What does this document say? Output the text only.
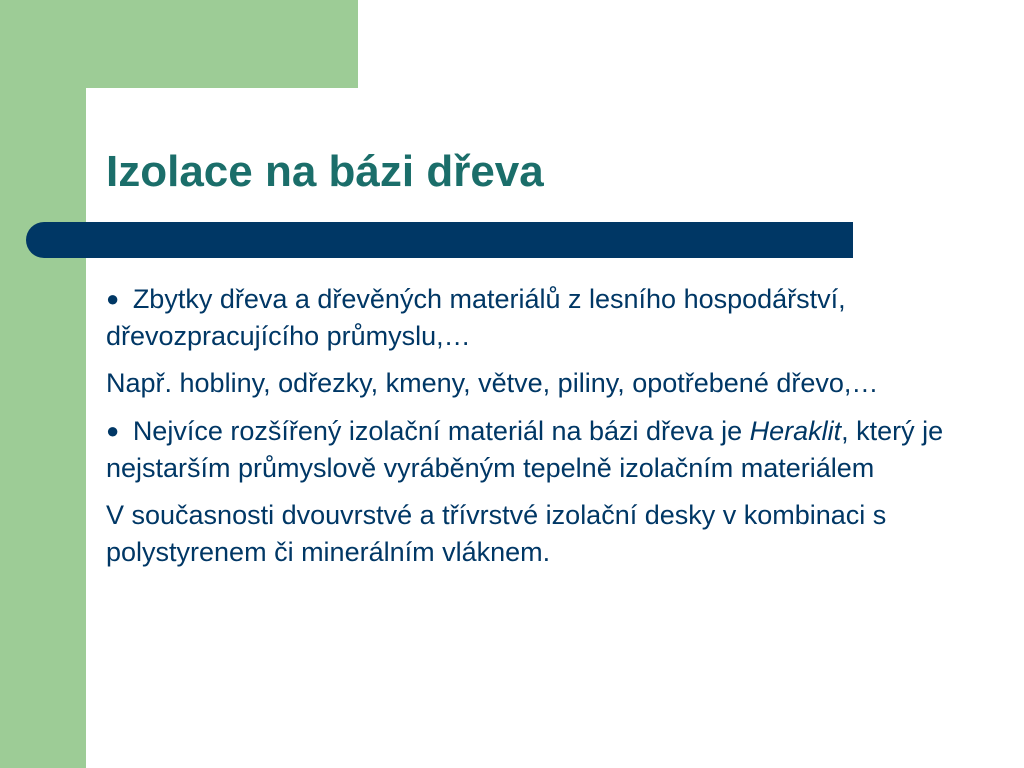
Izolace na bázi dřeva

● Zbytky dřeva a dřevěných materiálů z lesního hospodářství, dřevozpracujícího průmyslu,…

Např. hobliny, odřezky, kmeny, větve, piliny, opotřebené dřevo,…

● Nejvíce rozšířený izolační materiál na bázi dřeva je Heraklit, který je nejstarším průmyslově vyráběným tepelně izolačním materiálem

V současnosti dvouvrstvé a třívrstvé izolační desky v kombinaci s polystyrenem či minerálním vláknem.
